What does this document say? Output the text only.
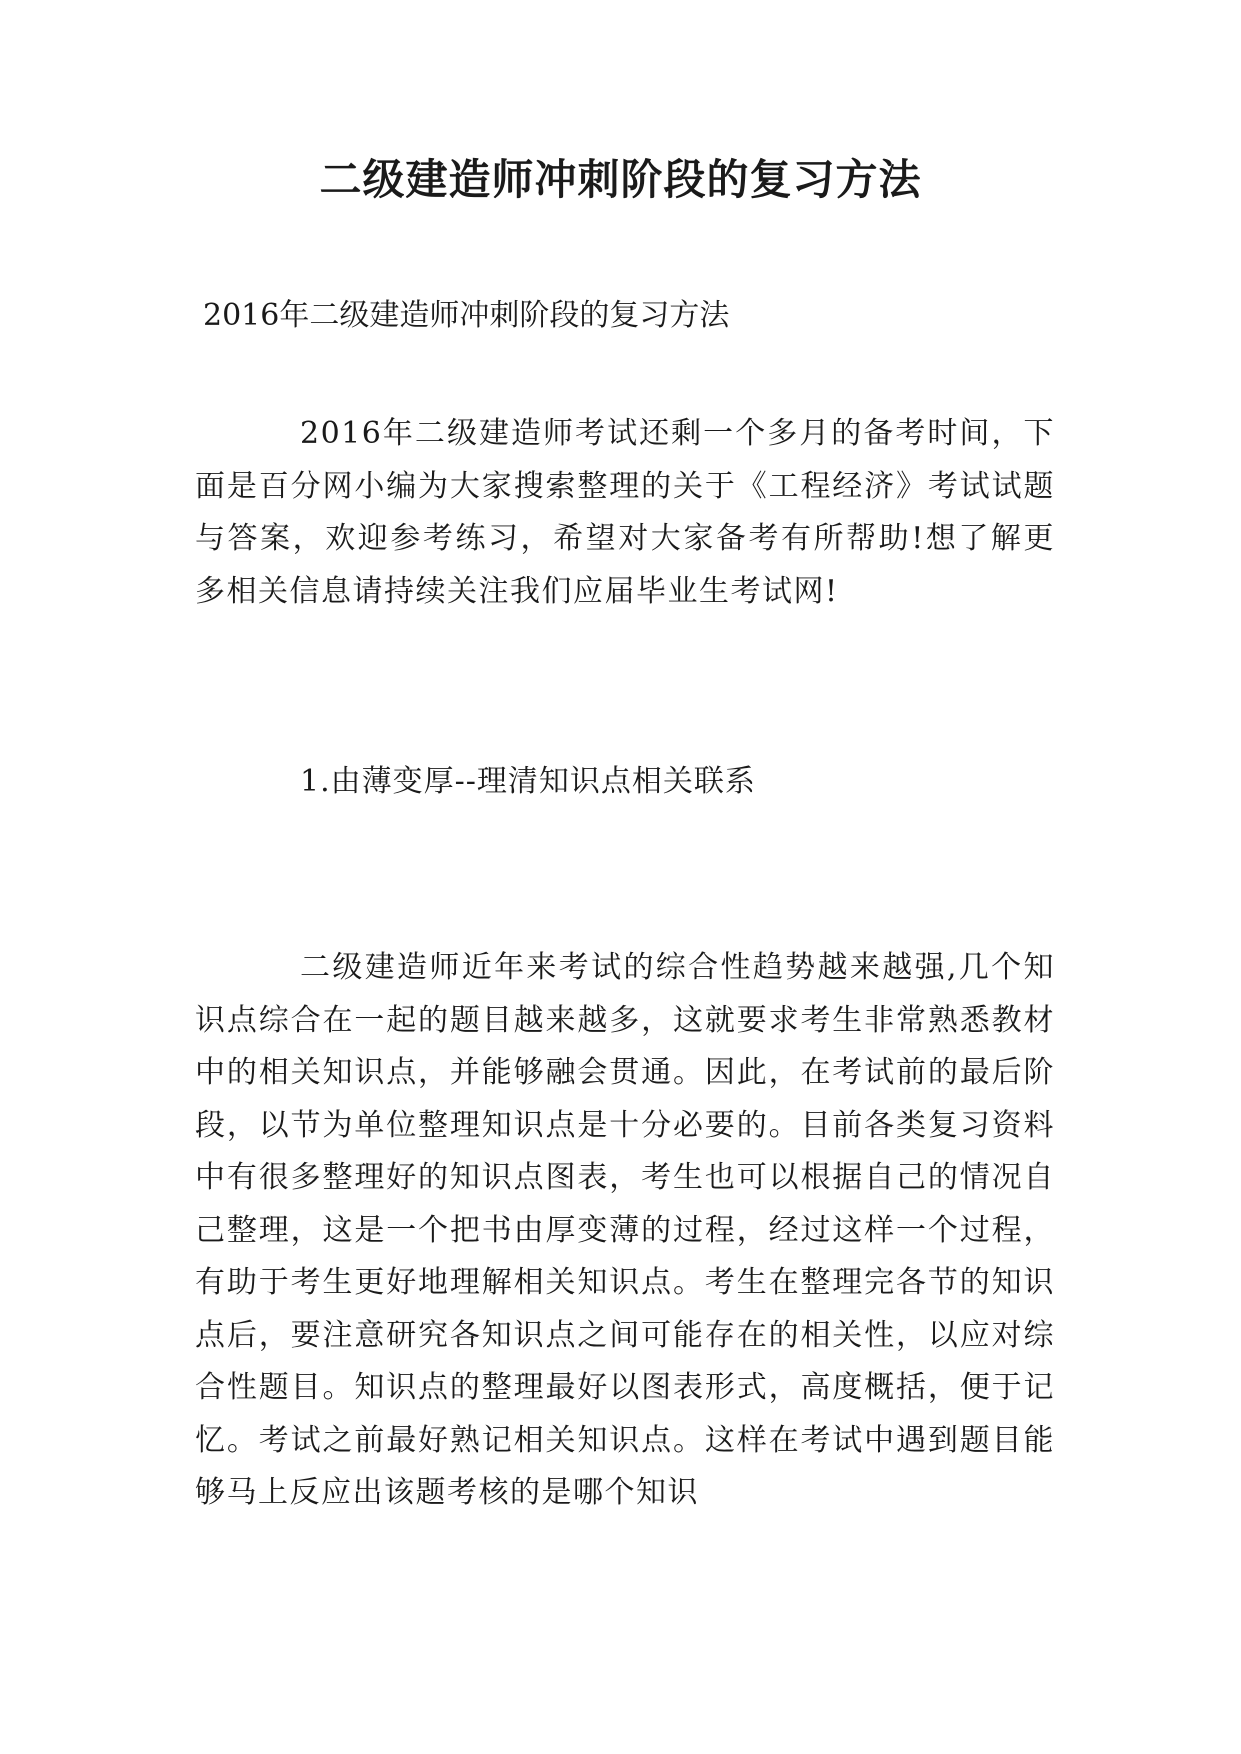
二级建造师冲刺阶段的复习方法

2016年二级建造师冲刺阶段的复习方法

2016年二级建造师考试还剩一个多月的备考时间，下面是百分网小编为大家搜索整理的关于《工程经济》考试试题与答案，欢迎参考练习，希望对大家备考有所帮助!想了解更多相关信息请持续关注我们应届毕业生考试网!

1.由薄变厚--理清知识点相关联系

二级建造师近年来考试的综合性趋势越来越强,几个知识点综合在一起的题目越来越多，这就要求考生非常熟悉教材中的相关知识点，并能够融会贯通。因此，在考试前的最后阶段，以节为单位整理知识点是十分必要的。目前各类复习资料中有很多整理好的知识点图表，考生也可以根据自己的情况自己整理，这是一个把书由厚变薄的过程，经过这样一个过程，有助于考生更好地理解相关知识点。考生在整理完各节的知识点后，要注意研究各知识点之间可能存在的相关性，以应对综合性题目。知识点的整理最好以图表形式，高度概括，便于记忆。考试之前最好熟记相关知识点。这样在考试中遇到题目能够马上反应出该题考核的是哪个知识
